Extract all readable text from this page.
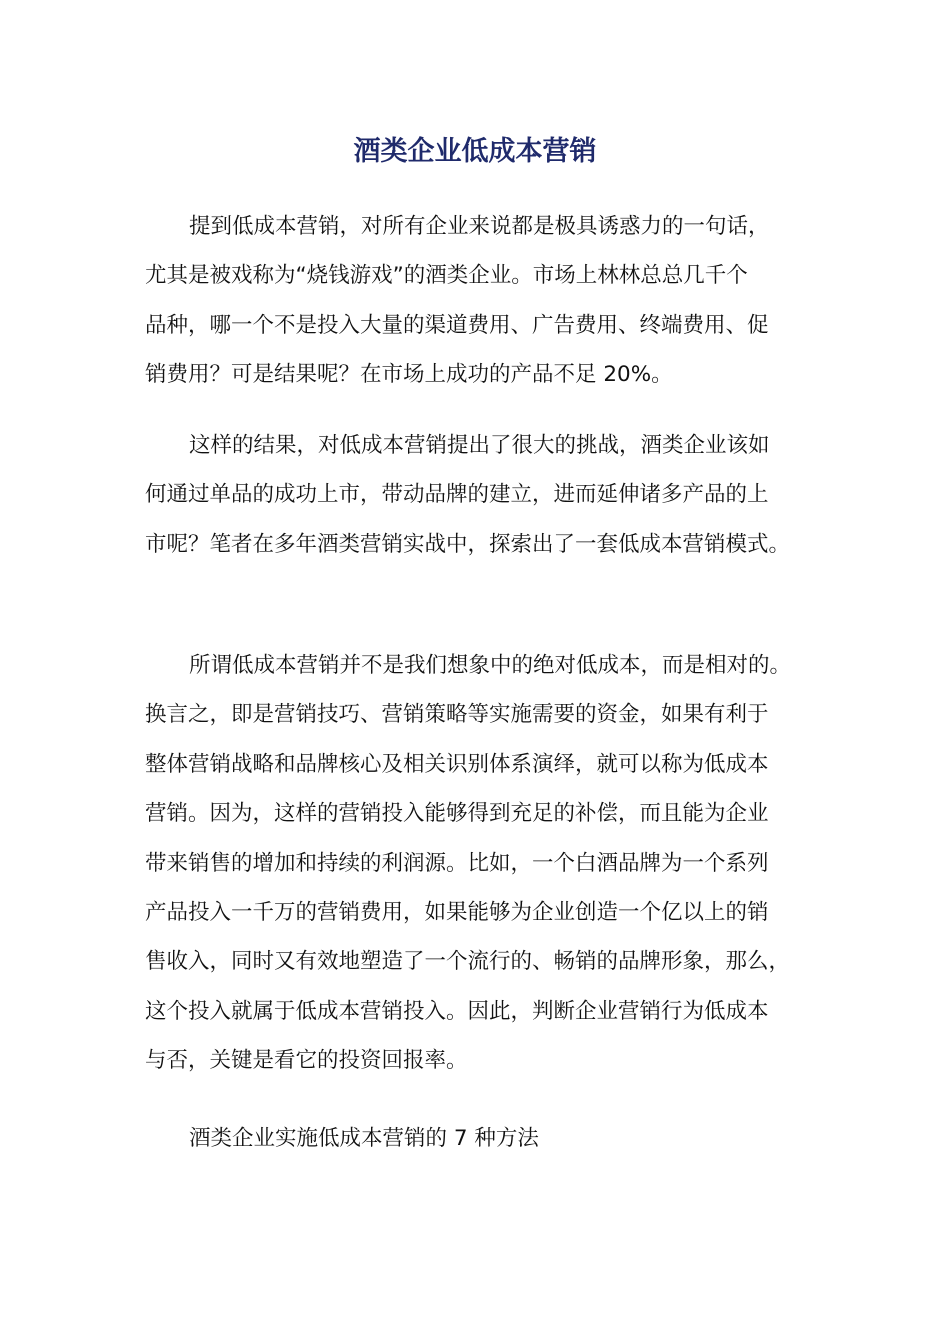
酒类企业低成本营销

提到低成本营销，对所有企业来说都是极具诱惑力的一句话，
尤其是被戏称为“烧钱游戏”的酒类企业。市场上林林总总几千个
品种，哪一个不是投入大量的渠道费用、广告费用、终端费用、促
销费用？可是结果呢？在市场上成功的产品不足 20%。

这样的结果，对低成本营销提出了很大的挑战，酒类企业该如
何通过单品的成功上市，带动品牌的建立，进而延伸诸多产品的上
市呢？笔者在多年酒类营销实战中，探索出了一套低成本营销模式。

所谓低成本营销并不是我们想象中的绝对低成本，而是相对的。
换言之，即是营销技巧、营销策略等实施需要的资金，如果有利于
整体营销战略和品牌核心及相关识别体系演绎，就可以称为低成本
营销。因为，这样的营销投入能够得到充足的补偿，而且能为企业
带来销售的增加和持续的利润源。比如，一个白酒品牌为一个系列
产品投入一千万的营销费用，如果能够为企业创造一个亿以上的销
售收入，同时又有效地塑造了一个流行的、畅销的品牌形象，那么，
这个投入就属于低成本营销投入。因此，判断企业营销行为低成本
与否，关键是看它的投资回报率。

酒类企业实施低成本营销的 7 种方法
